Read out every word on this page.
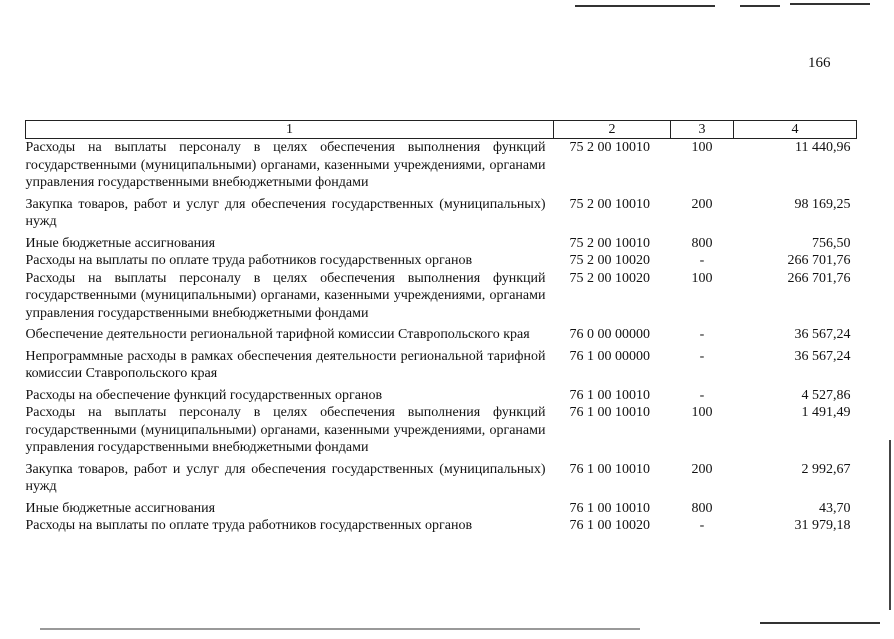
166
1	2	3	4
Расходы на выплаты персоналу в целях обеспечения выполнения функций государственными (муниципальными) органами, казенными учреждениями, органами управления государственными внебюджетными фондами	75 2 00 10010	100	11 440,96
Закупка товаров, работ и услуг для обеспечения государственных (муниципальных) нужд	75 2 00 10010	200	98 169,25
Иные бюджетные ассигнования	75 2 00 10010	800	756,50
Расходы на выплаты по оплате труда работников государственных органов	75 2 00 10020	-	266 701,76
Расходы на выплаты персоналу в целях обеспечения выполнения функций государственными (муниципальными) органами, казенными учреждениями, органами управления государственными внебюджетными фондами	75 2 00 10020	100	266 701,76
Обеспечение деятельности региональной тарифной комиссии Ставропольского края	76 0 00 00000	-	36 567,24
Непрограммные расходы в рамках обеспечения деятельности региональной тарифной комиссии Ставропольского края	76 1 00 00000	-	36 567,24
Расходы на обеспечение функций государственных органов	76 1 00 10010	-	4 527,86
Расходы на выплаты персоналу в целях обеспечения выполнения функций государственными (муниципальными) органами, казенными учреждениями, органами управления государственными внебюджетными фондами	76 1 00 10010	100	1 491,49
Закупка товаров, работ и услуг для обеспечения государственных (муниципальных) нужд	76 1 00 10010	200	2 992,67
Иные бюджетные ассигнования	76 1 00 10010	800	43,70
Расходы на выплаты по оплате труда работников государственных органов	76 1 00 10020	-	31 979,18
